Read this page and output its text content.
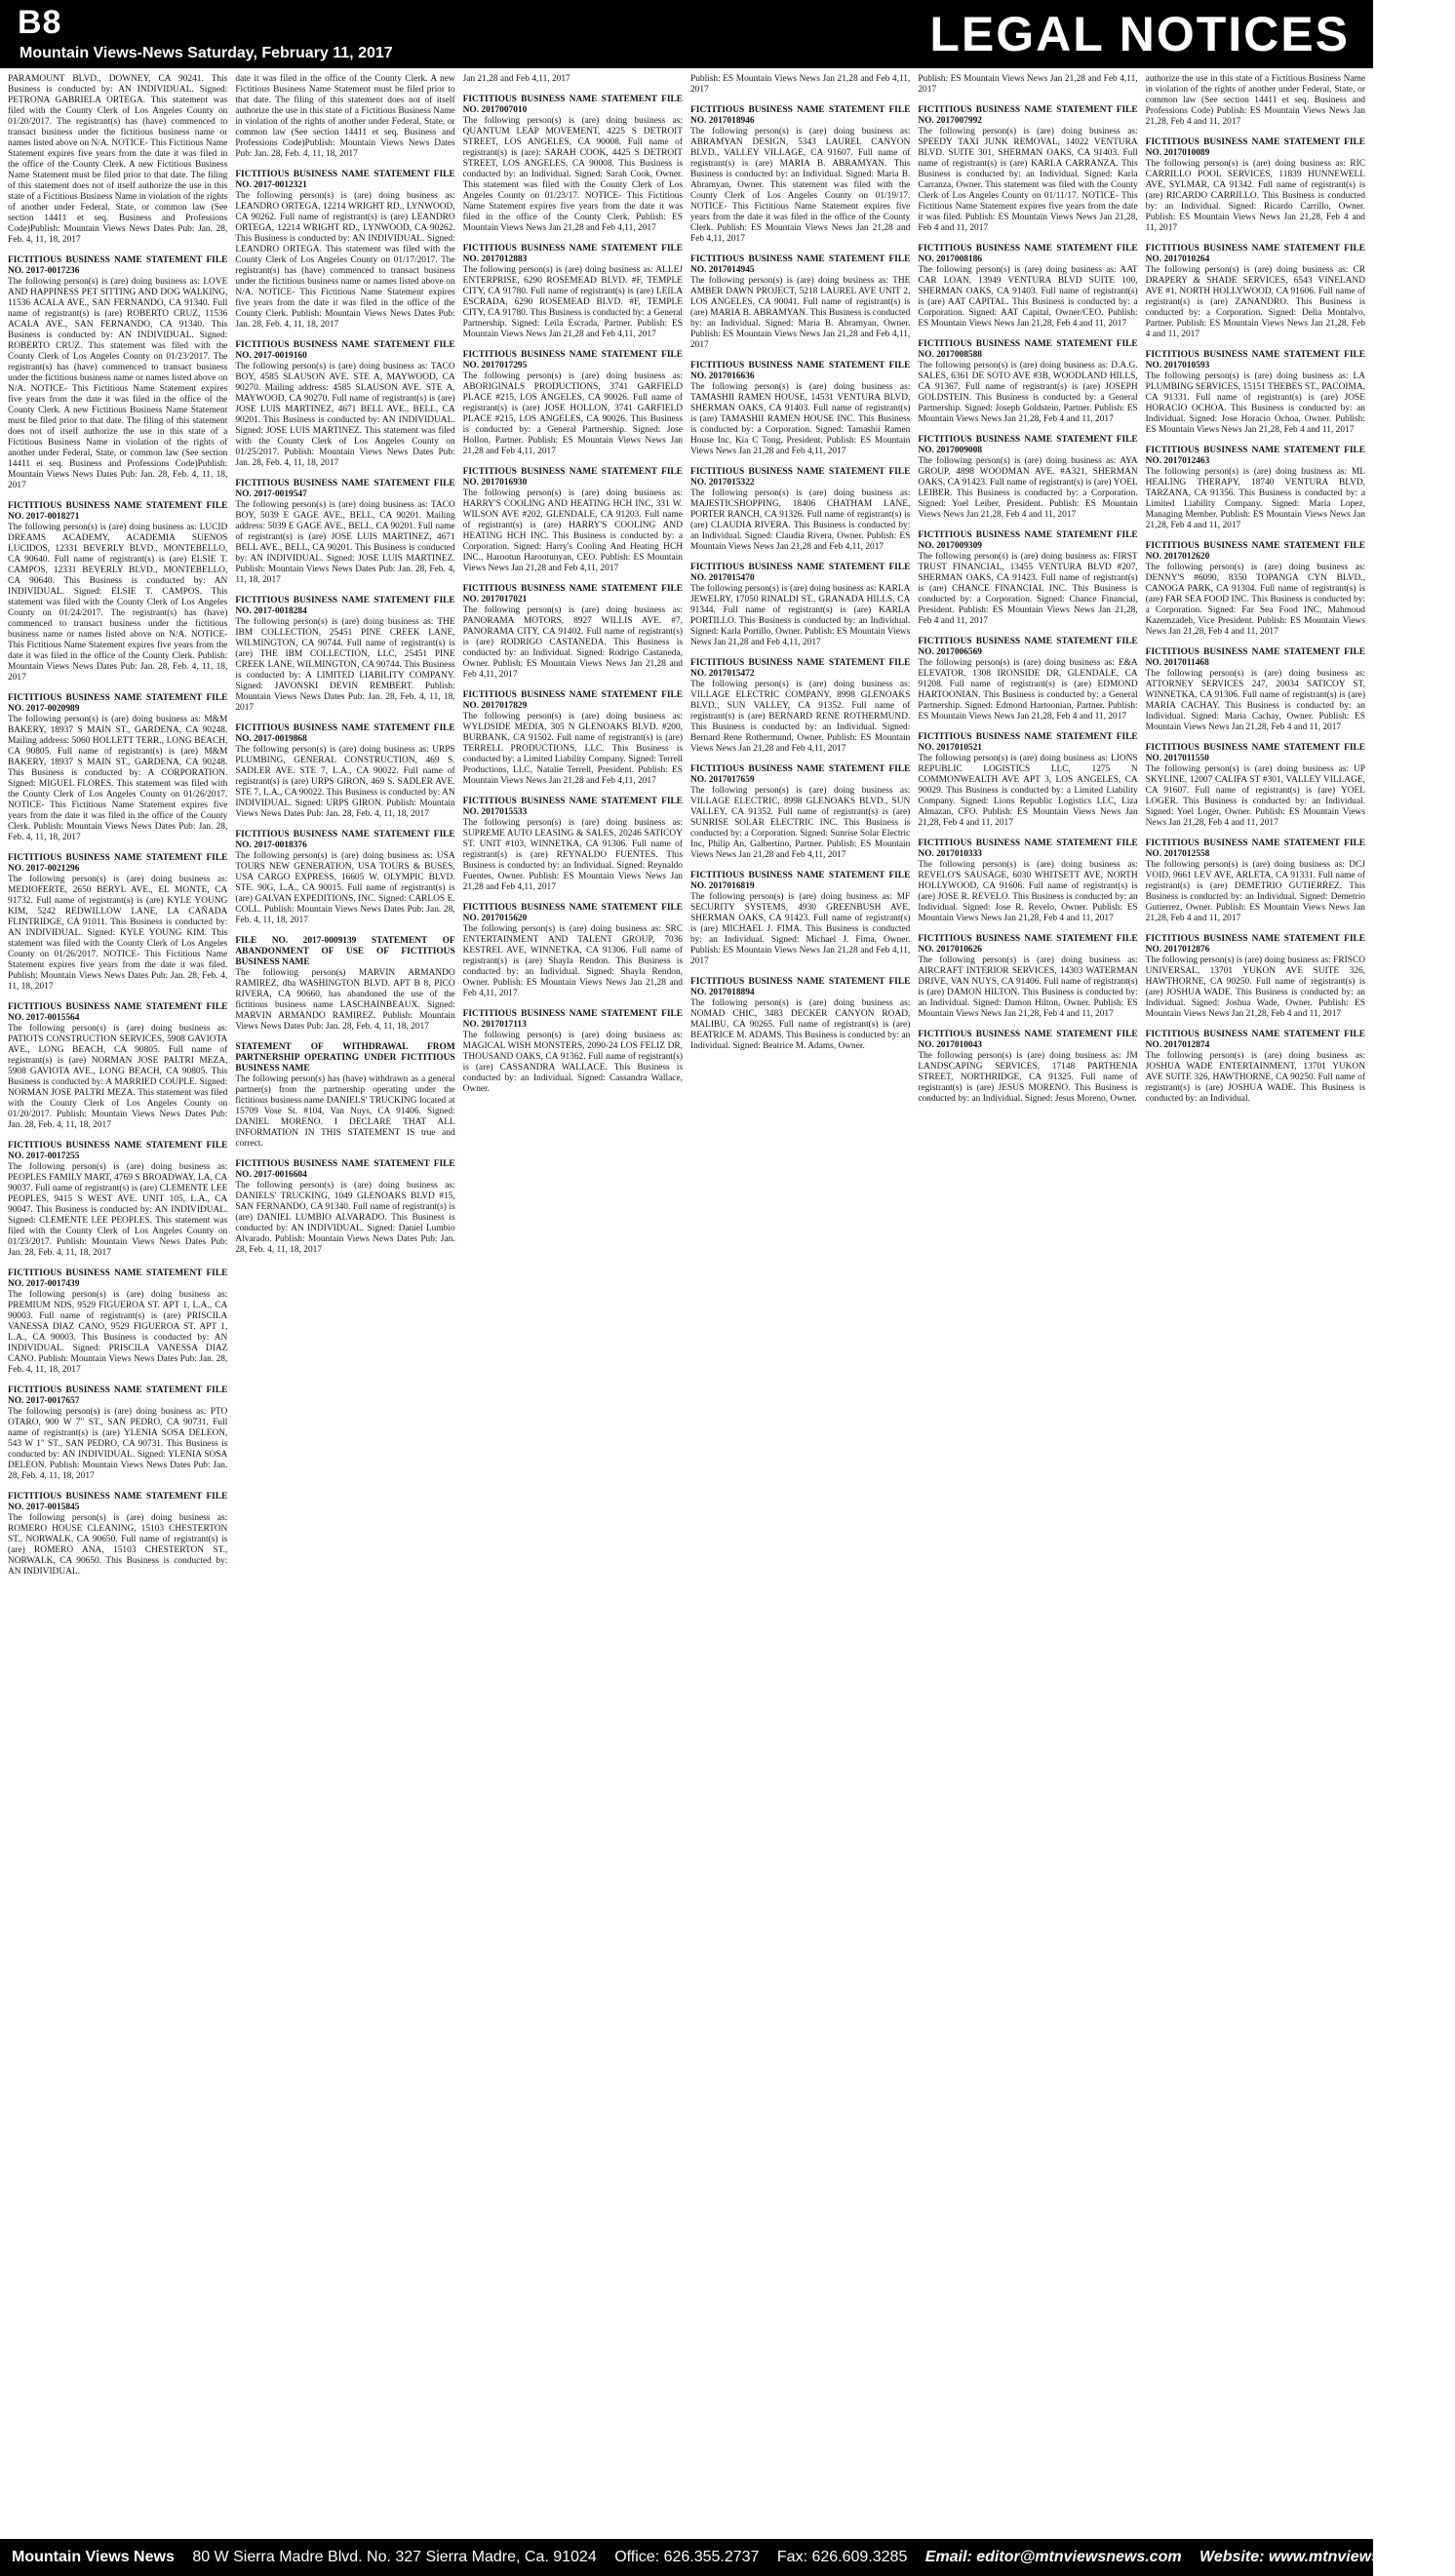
B8
Mountain Views-News Saturday, February 11, 2017	LEGAL NOTICES

PARAMOUNT BLVD., DOWNEY, CA 90241. This Business is conducted by: AN INDIVIDUAL. Signed: PETRONA GABRIELA ORTEGA. This statement was filed with the County Clerk of Los Angeles County on 01/20/2017. The registrant(s) has (have) commenced to transact business under the fictitious business name or names listed above on N/A. NOTICE- This Fictitious Name Statement expires five years from the date it was filed in the office of the County Clerk. A new Fictitious Business Name Statement must be filed prior to that date. The filing of this statement does not of itself authorize the use in this state of a Fictitious Business Name in violation of the rights of another under Federal, State, or common law (See section 14411 et seq. Business and Professions Code)Publish: Mountain Views News Dates Pub: Jan. 28, Feb. 4, 11, 18, 2017

FICTITIOUS BUSINESS NAME STATEMENT FILE NO. 2017-0017236

The following person(s) is (are) doing business as: LOVE AND HAPPINESS PET SITTING AND DOG WALKING, 11536 ACALA AVE., SAN FERNANDO, CA 91340. Full name of registrant(s) is (are) ROBERTO CRUZ, 11536 ACALA AVE., SAN FERNANDO, CA 91340. This Business is conducted by: AN INDIVIDUAL. Signed: ROBERTO CRUZ. This statement was filed with the County Clerk of Los Angeles County on 01/23/2017. The registrant(s) has (have) commenced to transact business under the fictitious business name or names listed above on N/A. NOTICE- This Fictitious Name Statement expires five years from the date it was filed in the office of the County Clerk. A new Fictitious Business Name Statement must be filed prior to that date. The filing of this statement does not of itself authorize the use in this state of a Fictitious Business Name in violation of the rights of another under Federal, State, or common law (See section 14411 et seq. Business and Professions Code)Publish: Mountain Views News Dates Pub: Jan. 28, Feb. 4, 11, 18, 2017

FICTITIOUS BUSINESS NAME STATEMENT FILE NO. 2017-0018271

The following person(s) is (are) doing business as: LUCID DREAMS ACADEMY, ACADEMIA SUENOS LUCIDOS, 12331 BEVERLY BLVD., MONTEBELLO, CA 90640. Full name of registrant(s) is (are) ELSIE T. CAMPOS, 12331 BEVERLY BLVD., MONTEBELLO, CA 90640. This Business is conducted by: AN INDIVIDUAL. Signed: ELSIE T. CAMPOS. This statement was filed with the County Clerk of Los Angeles County on 01/24/2017. The registrant(s) has (have) commenced to transact business under the fictitious business name or names listed above on N/A. NOTICE- This Fictitious Name Statement expires five years from the date it was filed in the office of the County Clerk. Publish: Mountain Views News Dates Pub: Jan. 28, Feb. 4, 11, 18, 2017

FICTITIOUS BUSINESS NAME STATEMENT FILE NO. 2017-0020989

The following person(s) is (are) doing business as: M&M BAKERY, 18937 S MAIN ST., GARDENA, CA 90248. Mailing address: 5060 HOLLETT TERR., LONG BEACH, CA 90805. Full name of registrant(s) is (are) M&M BAKERY, 18937 S MAIN ST., GARDENA, CA 90248. This Business is conducted by: A CORPORATION. Signed: MIGUEL FLORES. This statement was filed with the County Clerk of Los Angeles County on 01/26/2017. NOTICE- This Fictitious Name Statement expires five years from the date it was filed in the office of the County Clerk. Publish: Mountain Views News Dates Pub: Jan. 28, Feb. 4, 11, 18, 2017

FICTITIOUS BUSINESS NAME STATEMENT FILE NO. 2017-0021296

The following person(s) is (are) doing business as: MEDIOFERTE, 2650 BERYL AVE., EL MONTE, CA 91732. Full name of registrant(s) is (are) KYLE YOUNG KIM, 5242 REDWILLOW LANE, LA CAÑADA FLINTRIDGE, CA 91011. This Business is conducted by: AN INDIVIDUAL. Signed: KYLE YOUNG KIM. This statement was filed with the County Clerk of Los Angeles County on 01/26/2017. NOTICE- This Fictitious Name Statement expires five years from the date it was filed. Publish: Mountain Views News Dates Pub: Jan. 28, Feb. 4, 11, 18, 2017

FICTITIOUS BUSINESS NAME STATEMENT FILE NO. 2017-0015564

The following person(s) is (are) doing business as: PATIOTS CONSTRUCTION SERVICES, 5908 GAVIOTA AVE., LONG BEACH, CA 90805. Full name of registrant(s) is (are) NORMAN JOSE PALTRI MEZA, 5908 GAVIOTA AVE., LONG BEACH, CA 90805. This Business is conducted by: A MARRIED COUPLE. Signed: NORMAN JOSE PALTRI MEZA. This statement was filed with the County Clerk of Los Angeles County on 01/20/2017. Publish: Mountain Views News Dates Pub: Jan. 28, Feb. 4, 11, 18, 2017

FICTITIOUS BUSINESS NAME STATEMENT FILE NO. 2017-0017255

The following person(s) is (are) doing business as: PEOPLES FAMILY MART, 4769 S BROADWAY, LA, CA 90037. Full name of registrant(s) is (are) CLEMENTE LEE PEOPLES, 9415 S WEST AVE. UNIT 105, L.A., CA 90047. This Business is conducted by: AN INDIVIDUAL. Signed: CLEMENTE LEE PEOPLES. This statement was filed with the County Clerk of Los Angeles County on 01/23/2017. Publish: Mountain Views News Dates Pub: Jan. 28, Feb. 4, 11, 18, 2017

FICTITIOUS BUSINESS NAME STATEMENT FILE NO. 2017-0017439

The following person(s) is (are) doing business as: PREMIUM NDS, 9529 FIGUEROA ST. APT 1, L.A., CA 90003. Full name of registrant(s) is (are) PRISCILA VANESSA DIAZ CANO, 9529 FIGUEROA ST. APT 1, L.A., CA 90003. This Business is conducted by: AN INDIVIDUAL. Signed: PRISCILA VANESSA DIAZ CANO. Publish: Mountain Views News Dates Pub: Jan. 28, Feb. 4, 11, 18, 2017

FICTITIOUS BUSINESS NAME STATEMENT FILE NO. 2017-0017657

The following person(s) is (are) doing business as: PTO OTARO, 900 W 7" ST., SAN PEDRO, CA 90731. Full name of registrant(s) is (are) YLENIA SOSA DELEON, 543 W 1" ST., SAN PEDRO, CA 90731. This Business is conducted by: AN INDIVIDUAL. Signed: YLENIA SOSA DELEON. Publish: Mountain Views News Dates Pub: Jan. 28, Feb. 4, 11, 18, 2017

FICTITIOUS BUSINESS NAME STATEMENT FILE NO. 2017-0015845

The following person(s) is (are) doing business as: ROMERO HOUSE CLEANING, 15103 CHESTERTON ST., NORWALK, CA 90650. Full name of registrant(s) is (are) ROMERO ANA, 15103 CHESTERTON ST., NORWALK, CA 90650. This Business is conducted by: AN INDIVIDUAL.

date it was filed in the office of the County Clerk. A new Fictitious Business Name Statement must be filed prior to that date. The filing of this statement does not of itself authorize the use in this state of a Fictitious Business Name in violation of the rights of another under Federal, State, or common law (See section 14411 et seq. Business and Professions Code)Publish: Mountain Views News Dates Pub: Jan. 28, Feb. 4, 11, 18, 2017

FICTITIOUS BUSINESS NAME STATEMENT FILE NO. 2017-0012321

The following person(s) is (are) doing business as: LEANDRO ORTEGA, 12214 WRIGHT RD., LYNWOOD, CA 90262. Full name of registrant(s) is (are) LEANDRO ORTEGA, 12214 WRIGHT RD., LYNWOOD, CA 90262. This Business is conducted by: AN INDIVIDUAL. Signed: LEANDRO ORTEGA. This statement was filed with the County Clerk of Los Angeles County on 01/17/2017. The registrant(s) has (have) commenced to transact business under the fictitious business name or names listed above on N/A. NOTICE- This Fictitious Name Statement expires five years from the date it was filed in the office of the County Clerk. Publish: Mountain Views News Dates Pub: Jan. 28, Feb. 4, 11, 18, 2017

FICTITIOUS BUSINESS NAME STATEMENT FILE NO. 2017-0019160

The following person(s) is (are) doing business as: TACO BOY, 4585 SLAUSON AVE. STE A, MAYWOOD, CA 90270. Mailing address: 4585 SLAUSON AVE. STE A, MAYWOOD, CA 90270. Full name of registrant(s) is (are) JOSE LUIS MARTINEZ, 4671 BELL AVE., BELL, CA 90201. This Business is conducted by: AN INDIVIDUAL. Signed: JOSE LUIS MARTINEZ. This statement was filed with the County Clerk of Los Angeles County on 01/25/2017. Publish: Mountain Views News Dates Pub: Jan. 28, Feb. 4, 11, 18, 2017

FICTITIOUS BUSINESS NAME STATEMENT FILE NO. 2017-0019547

The following person(s) is (are) doing business as: TACO BOY, 5039 E GAGE AVE., BELL, CA 90201. Mailing address: 5039 E GAGE AVE., BELL, CA 90201. Full name of registrant(s) is (are) JOSE LUIS MARTINEZ, 4671 BELL AVE., BELL, CA 90201. This Business is conducted by: AN INDIVIDUAL. Signed: JOSE LUIS MARTINEZ. Publish: Mountain Views News Dates Pub: Jan. 28, Feb. 4, 11, 18, 2017

FICTITIOUS BUSINESS NAME STATEMENT FILE NO. 2017-0018284

The following person(s) is (are) doing business as: THE IBM COLLECTION, 25451 PINE CREEK LANE, WILMINGTON, CA 90744. Full name of registrant(s) is (are) THE IBM COLLECTION, LLC, 25451 PINE CREEK LANE, WILMINGTON, CA 90744. This Business is conducted by: A LIMITED LIABILITY COMPANY. Signed: JAVONSKI DEVIN REMBERT. Publish: Mountain Views News Dates Pub: Jan. 28, Feb. 4, 11, 18, 2017

FICTITIOUS BUSINESS NAME STATEMENT FILE NO. 2017-0019868

The following person(s) is (are) doing business as: URPS PLUMBING, GENERAL CONSTRUCTION, 469 S. SADLER AVE. STE 7, L.A., CA 90022. Full name of registrant(s) is (are) URPS GIRON, 469 S. SADLER AVE. STE 7, L.A., CA 90022. This Business is conducted by: AN INDIVIDUAL. Signed: URPS GIRON. Publish: Mountain Views News Dates Pub: Jan. 28, Feb. 4, 11, 18, 2017

FICTITIOUS BUSINESS NAME STATEMENT FILE NO. 2017-0018376

The following person(s) is (are) doing business as: USA TOURS NEW GENERATION, USA TOURS & BUSES, USA CARGO EXPRESS, 16605 W. OLYMPIC BLVD. STE. 90G, L.A., CA 90015. Full name of registrant(s) is (are) GALVAN EXPEDITIONS, INC. Signed: CARLOS E. COLL. Publish: Mountain Views News Dates Pub: Jan. 28, Feb. 4, 11, 18, 2017

FILE NO. 2017-0009139 STATEMENT OF ABANDONMENT OF USE OF FICTITIOUS BUSINESS NAME

The following person(s) MARVIN ARMANDO RAMIREZ, dba WASHINGTON BLVD. APT B 8, PICO RIVERA, CA 90660, has abandoned the use of the fictitious business name LASCHAINBEAUX. Signed: MARVIN ARMANDO RAMIREZ. Publish: Mountain Views News Dates Pub: Jan. 28, Feb. 4, 11, 18, 2017

STATEMENT OF WITHDRAWAL FROM PARTNERSHIP OPERATING UNDER FICTITIOUS BUSINESS NAME

The following person(s) has (have) withdrawn as a general partner(s) from the partnership operating under the fictitious business name DANIELS' TRUCKING located at 15709 Vose St. #104, Van Nuys, CA 91406. Signed: DANIEL MORENO. I DECLARE THAT ALL INFORMATION IN THIS STATEMENT IS true and correct.

FICTITIOUS BUSINESS NAME STATEMENT FILE NO. 2017-0016604

The following person(s) is (are) doing business as: DANIELS' TRUCKING, 1049 GLENOAKS BLVD #15, SAN FERNANDO, CA 91340. Full name of registrant(s) is (are) DANIEL LUMBIO ALVARADO. This Business is conducted by: AN INDIVIDUAL. Signed: Daniel Lumbio Alvarado. Publish: Mountain Views News Dates Pub: Jan. 28, Feb. 4, 11, 18, 2017

Jan 21,28 and Feb 4,11, 2017

FICTITIOUS BUSINESS NAME STATEMENT FILE NO. 2017007010

The following person(s) is (are) doing business as: QUANTUM LEAP MOVEMENT, 4225 S DETROIT STREET, LOS ANGELES, CA 90008. Full name of registrant(s) is (are): SARAH COOK, 4425 S DETROIT STREET, LOS ANGELES, CA 90008. This Business is conducted by: an Individual. Signed: Sarah Cook, Owner. This statement was filed with the County Clerk of Los Angeles County on 01/23/17. NOTICE- This Fictitious Name Statement expires five years from the date it was filed in the office of the County Clerk. Publish: ES Mountain Views News Jan 21,28 and Feb 4,11, 2017

FICTITIOUS BUSINESS NAME STATEMENT FILE NO. 2017012883

The following person(s) is (are) doing business as: ALLEJ ENTERPRISE, 6290 ROSEMEAD BLVD. #F, TEMPLE CITY, CA 91780. Full name of registrant(s) is (are) LEILA ESCRADA, 6290 ROSEMEAD BLVD. #F, TEMPLE CITY, CA 91780. This Business is conducted by: a General Partnership. Signed: Leila Escrada, Partner. Publish: ES Mountain Views News Jan 21,28 and Feb 4,11, 2017

FICTITIOUS BUSINESS NAME STATEMENT FILE NO. 2017017295

The following person(s) is (are) doing business as: ABORIGINALS PRODUCTIONS, 3741 GARFIELD PLACE #215, LOS ANGELES, CA 90026. Full name of registrant(s) is (are) JOSE HOLLON, 3741 GARFIELD PLACE #215, LOS ANGELES, CA 90026. This Business is conducted by: a General Partnership. Signed: Jose Hollon, Partner. Publish: ES Mountain Views News Jan 21,28 and Feb 4,11, 2017

FICTITIOUS BUSINESS NAME STATEMENT FILE NO. 2017016930

The following person(s) is (are) doing business as: HARRY'S COOLING AND HEATING HCH INC, 331 W. WILSON AVE #202, GLENDALE, CA 91203. Full name of registrant(s) is (are) HARRY'S COOLING AND HEATING HCH INC. This Business is conducted by: a Corporation. Signed: Harry's Cooling And Heating HCH INC., Harootun Harootunyan, CEO. Publish: ES Mountain Views News Jan 21,28 and Feb 4,11, 2017

FICTITIOUS BUSINESS NAME STATEMENT FILE NO. 2017017021

The following person(s) is (are) doing business as: PANORAMA MOTORS, 8927 WILLIS AVE. #7, PANORAMA CITY, CA 91402. Full name of registrant(s) is (are) RODRIGO CASTANEDA. This Business is conducted by: an Individual. Signed: Rodrigo Castaneda, Owner. Publish: ES Mountain Views News Jan 21,28 and Feb 4,11, 2017

FICTITIOUS BUSINESS NAME STATEMENT FILE NO. 2017017829

The following person(s) is (are) doing business as: WYLDSIDE MEDIA, 305 N GLENOAKS BLVD. #200, BURBANK, CA 91502. Full name of registrant(s) is (are) TERRELL PRODUCTIONS, LLC. This Business is conducted by: a Limited Liability Company. Signed: Terrell Productions, LLC, Natalie Terrell, President. Publish: ES Mountain Views News Jan 21,28 and Feb 4,11, 2017

FICTITIOUS BUSINESS NAME STATEMENT FILE NO. 2017015533

The following person(s) is (are) doing business as: SUPREME AUTO LEASING & SALES, 20246 SATICOY ST. UNIT #103, WINNETKA, CA 91306. Full name of registrant(s) is (are) REYNALDO FUENTES. This Business is conducted by: an Individual. Signed: Reynaldo Fuentes, Owner. Publish: ES Mountain Views News Jan 21,28 and Feb 4,11, 2017

FICTITIOUS BUSINESS NAME STATEMENT FILE NO. 2017015620

The following person(s) is (are) doing business as: SRC ENTERTAINMENT AND TALENT GROUP, 7036 KESTREL AVE, WINNETKA, CA 91306. Full name of registrant(s) is (are) Shayla Rendon. This Business is conducted by: an Individual. Signed: Shayla Rendon, Owner. Publish: ES Mountain Views News Jan 21,28 and Feb 4,11, 2017

FICTITIOUS BUSINESS NAME STATEMENT FILE NO. 2017017113

The following person(s) is (are) doing business as: MAGICAL WISH MONSTERS, 2090-24 LOS FELIZ DR, THOUSAND OAKS, CA 91362. Full name of registrant(s) is (are) CASSANDRA WALLACE. This Business is conducted by: an Individual. Signed: Cassandra Wallace, Owner.

Publish: ES Mountain Views News Jan 21,28 and Feb 4,11, 2017

FICTITIOUS BUSINESS NAME STATEMENT FILE NO. 2017018946

The following person(s) is (are) doing business as: ABRAMYAN DESIGN, 5343 LAUREL CANYON BLVD., VALLEY VILLAGE, CA 91607. Full name of registrant(s) is (are) MARIA B. ABRAMYAN. This Business is conducted by: an Individual. Signed: Maria B. Abramyan, Owner. This statement was filed with the County Clerk of Los Angeles County on 01/19/17. NOTICE- This Fictitious Name Statement expires five years from the date it was filed in the office of the County Clerk. Publish: ES Mountain Views News Jan 21,28 and Feb 4,11, 2017

FICTITIOUS BUSINESS NAME STATEMENT FILE NO. 2017014945

The following person(s) is (are) doing business as: THE AMBER DAWN PROJECT, 5218 LAUREL AVE UNIT 2, LOS ANGELES, CA 90041. Full name of registrant(s) is (are) MARIA B. ABRAMYAN. This Business is conducted by: an Individual. Signed: Maria B. Abramyan, Owner. Publish: ES Mountain Views News Jan 21,28 and Feb 4,11, 2017

FICTITIOUS BUSINESS NAME STATEMENT FILE NO. 2017016636

The following person(s) is (are) doing business as: TAMASHII RAMEN HOUSE, 14531 VENTURA BLVD, SHERMAN OAKS, CA 91403. Full name of registrant(s) is (are) TAMASHII RAMEN HOUSE INC. This Business is conducted by: a Corporation. Signed: Tamashii Ramen House Inc, Kia C Tong, President. Publish: ES Mountain Views News Jan 21,28 and Feb 4,11, 2017

FICTITIOUS BUSINESS NAME STATEMENT FILE NO. 2017015322

The following person(s) is (are) doing business as: MAJESTICSHOPPING, 18406 CHATHAM LANE, PORTER RANCH, CA 91326. Full name of registrant(s) is (are) CLAUDIA RIVERA. This Business is conducted by: an Individual. Signed: Claudia Rivera, Owner. Publish: ES Mountain Views News Jan 21,28 and Feb 4,11, 2017

FICTITIOUS BUSINESS NAME STATEMENT FILE NO. 2017015470

The following person(s) is (are) doing business as: KARLA JEWELRY, 17050 RINALDI ST., GRANADA HILLS, CA 91344. Full name of registrant(s) is (are) KARLA PORTILLO. This Business is conducted by: an Individual. Signed: Karla Portillo, Owner. Publish: ES Mountain Views News Jan 21,28 and Feb 4,11, 2017

FICTITIOUS BUSINESS NAME STATEMENT FILE NO. 2017015472

The following person(s) is (are) doing business as: VILLAGE ELECTRIC COMPANY, 8998 GLENOAKS BLVD., SUN VALLEY, CA 91352. Full name of registrant(s) is (are) BERNARD RENE ROTHERMUND. This Business is conducted by: an Individual. Signed: Bernard Rene Rothermund, Owner. Publish: ES Mountain Views News Jan 21,28 and Feb 4,11, 2017

FICTITIOUS BUSINESS NAME STATEMENT FILE NO. 2017017659

The following person(s) is (are) doing business as: VILLAGE ELECTRIC, 8998 GLENOAKS BLVD., SUN VALLEY, CA 91352. Full name of registrant(s) is (are) SUNRISE SOLAR ELECTRIC INC. This Business is conducted by: a Corporation. Signed: Sunrise Solar Electric Inc, Philip An, Galbertino, Partner. Publish: ES Mountain Views News Jan 21,28 and Feb 4,11, 2017

FICTITIOUS BUSINESS NAME STATEMENT FILE NO. 2017016819

The following person(s) is (are) doing business as: MF SECURITY SYSTEMS, 4930 GREENBUSH AVE, SHERMAN OAKS, CA 91423. Full name of registrant(s) is (are) MICHAEL J. FIMA. This Business is conducted by: an Individual. Signed: Michael J. Fima, Owner. Publish: ES Mountain Views News Jan 21,28 and Feb 4,11, 2017

FICTITIOUS BUSINESS NAME STATEMENT FILE NO. 2017018894

The following person(s) is (are) doing business as: NOMAD CHIC, 3483 DECKER CANYON ROAD, MALIBU, CA 90265. Full name of registrant(s) is (are) BEATRICE M. ADAMS. This Business is conducted by: an Individual. Signed: Beatrice M. Adams, Owner.

Publish: ES Mountain Views News Jan 21,28 and Feb 4,11, 2017

FICTITIOUS BUSINESS NAME STATEMENT FILE NO. 2017007992

The following person(s) is (are) doing business as: SPEEDY TAXI JUNK REMOVAL, 14022 VENTURA BLVD. SUITE 301, SHERMAN OAKS, CA 91403. Full name of registrant(s) is (are) KARLA CARRANZA. This Business is conducted by: an Individual. Signed: Karla Carranza, Owner. This statement was filed with the County Clerk of Los Angeles County on 01/11/17. NOTICE- This Fictitious Name Statement expires five years from the date it was filed. Publish: ES Mountain Views News Jan 21,28, Feb 4 and 11, 2017

FICTITIOUS BUSINESS NAME STATEMENT FILE NO. 2017008186

The following person(s) is (are) doing business as: AAT CAR LOAN, 13949 VENTURA BLVD SUITE 100, SHERMAN OAKS, CA 91403. Full name of registrant(s) is (are) AAT CAPITAL. This Business is conducted by: a Corporation. Signed: AAT Capital, Owner/CEO. Publish: ES Mountain Views News Jan 21,28, Feb 4 and 11, 2017

FICTITIOUS BUSINESS NAME STATEMENT FILE NO. 2017008588

The following person(s) is (are) doing business as: D.A.G. SALES, 6361 DE SOTO AVE #3B, WOODLAND HILLS, CA 91367. Full name of registrant(s) is (are) JOSEPH GOLDSTEIN. This Business is conducted by: a General Partnership. Signed: Joseph Goldstein, Partner. Publish: ES Mountain Views News Jan 21,28, Feb 4 and 11, 2017

FICTITIOUS BUSINESS NAME STATEMENT FILE NO. 2017009008

The following person(s) is (are) doing business as: AYA GROUP, 4898 WOODMAN AVE. #A321, SHERMAN OAKS, CA 91423. Full name of registrant(s) is (are) YOEL LEIBER. This Business is conducted by: a Corporation. Signed: Yoel Leiber, President. Publish: ES Mountain Views News Jan 21,28, Feb 4 and 11, 2017

FICTITIOUS BUSINESS NAME STATEMENT FILE NO. 2017009309

The following person(s) is (are) doing business as: FIRST TRUST FINANCIAL, 13455 VENTURA BLVD #207, SHERMAN OAKS, CA 91423. Full name of registrant(s) is (are) CHANCE FINANCIAL INC. This Business is conducted by: a Corporation. Signed: Chance Financial, President. Publish: ES Mountain Views News Jan 21,28, Feb 4 and 11, 2017

FICTITIOUS BUSINESS NAME STATEMENT FILE NO. 2017006569

The following person(s) is (are) doing business as: E&A ELEVATOR, 1308 IRONSIDE DR, GLENDALE, CA 91208. Full name of registrant(s) is (are) EDMOND HARTOONIAN. This Business is conducted by: a General Partnership. Signed: Edmond Hartoonian, Partner. Publish: ES Mountain Views News Jan 21,28, Feb 4 and 11, 2017

FICTITIOUS BUSINESS NAME STATEMENT FILE NO. 2017010521

The following person(s) is (are) doing business as: LIONS REPUBLIC LOGISTICS LLC, 1275 N COMMONWEALTH AVE APT 3, LOS ANGELES, CA 90029. This Business is conducted by: a Limited Liability Company. Signed: Lions Republic Logistics LLC, Liza Almazan, CFO. Publish: ES Mountain Views News Jan 21,28, Feb 4 and 11, 2017

FICTITIOUS BUSINESS NAME STATEMENT FILE NO. 2017010333

The following person(s) is (are) doing business as: REVELO'S SAUSAGE, 6030 WHITSETT AVE, NORTH HOLLYWOOD, CA 91606. Full name of registrant(s) is (are) JOSE R. REVELO. This Business is conducted by: an Individual. Signed: Jose R. Revelo, Owner. Publish: ES Mountain Views News Jan 21,28, Feb 4 and 11, 2017

FICTITIOUS BUSINESS NAME STATEMENT FILE NO. 2017010626

The following person(s) is (are) doing business as: AIRCRAFT INTERIOR SERVICES, 14303 WATERMAN DRIVE, VAN NUYS, CA 91406. Full name of registrant(s) is (are) DAMON HILTON. This Business is conducted by: an Individual. Signed: Damon Hilton, Owner. Publish: ES Mountain Views News Jan 21,28, Feb 4 and 11, 2017

FICTITIOUS BUSINESS NAME STATEMENT FILE NO. 2017010043

The following person(s) is (are) doing business as: JM LANDSCAPING SERVICES, 17148 PARTHENIA STREET, NORTHRIDGE, CA 91325. Full name of registrant(s) is (are) JESUS MORENO. This Business is conducted by: an Individual. Signed: Jesus Moreno, Owner.

authorize the use in this state of a Fictitious Business Name in violation of the rights of another under Federal, State, or common law (See section 14411 et seq. Business and Professions Code) Publish: ES Mountain Views News Jan 21,28, Feb 4 and 11, 2017

FICTITIOUS BUSINESS NAME STATEMENT FILE NO. 2017010089

The following person(s) is (are) doing business as: RIC CARRILLO POOL SERVICES, 11839 HUNNEWELL AVE, SYLMAR, CA 91342. Full name of registrant(s) is (are) RICARDO CARRILLO. This Business is conducted by: an Individual. Signed: Ricardo Carrillo, Owner. Publish: ES Mountain Views News Jan 21,28, Feb 4 and 11, 2017

FICTITIOUS BUSINESS NAME STATEMENT FILE NO. 2017010264

The following person(s) is (are) doing business as: CR DRAPERY & SHADE SERVICES, 6543 VINELAND AVE #1, NORTH HOLLYWOOD, CA 91606. Full name of registrant(s) is (are) ZANANDRO. This Business is conducted by: a Corporation. Signed: Delia Montalvo, Partner. Publish: ES Mountain Views News Jan 21,28, Feb 4 and 11, 2017

FICTITIOUS BUSINESS NAME STATEMENT FILE NO. 2017010593

The following person(s) is (are) doing business as: LA PLUMBING SERVICES, 15151 THEBES ST., PACOIMA, CA 91331. Full name of registrant(s) is (are) JOSE HORACIO OCHOA. This Business is conducted by: an Individual. Signed: Jose Horacio Ochoa, Owner. Publish: ES Mountain Views News Jan 21,28, Feb 4 and 11, 2017

FICTITIOUS BUSINESS NAME STATEMENT FILE NO. 2017012463

The following person(s) is (are) doing business as: ML HEALING THERAPY, 18740 VENTURA BLVD, TARZANA, CA 91356. This Business is conducted by: a Limited Liability Company. Signed: Maria Lopez, Managing Member. Publish: ES Mountain Views News Jan 21,28, Feb 4 and 11, 2017

FICTITIOUS BUSINESS NAME STATEMENT FILE NO. 2017012620

The following person(s) is (are) doing business as: DENNY'S #6090, 8350 TOPANGA CYN BLVD., CANOGA PARK, CA 91304. Full name of registrant(s) is (are) FAR SEA FOOD INC. This Business is conducted by: a Corporation. Signed: Far Sea Food INC, Mahmoud Kazemzadeh, Vice President. Publish: ES Mountain Views News Jan 21,28, Feb 4 and 11, 2017

FICTITIOUS BUSINESS NAME STATEMENT FILE NO. 2017011468

The following person(s) is (are) doing business as: ATTORNEY SERVICES 247, 20034 SATICOY ST, WINNETKA, CA 91306. Full name of registrant(s) is (are) MARIA CACHAY. This Business is conducted by: an Individual. Signed: Maria Cachay, Owner. Publish: ES Mountain Views News Jan 21,28, Feb 4 and 11, 2017

FICTITIOUS BUSINESS NAME STATEMENT FILE NO. 2017011550

The following person(s) is (are) doing business as: UP SKYLINE, 12007 CALIFA ST #301, VALLEY VILLAGE, CA 91607. Full name of registrant(s) is (are) YOEL LOGER. This Business is conducted by: an Individual. Signed: Yoel Loger, Owner. Publish: ES Mountain Views News Jan 21,28, Feb 4 and 11, 2017

FICTITIOUS BUSINESS NAME STATEMENT FILE NO. 2017012558

The following person(s) is (are) doing business as: DCJ VOID, 9661 LEV AVE, ARLETA, CA 91331. Full name of registrant(s) is (are) DEMETRIO GUTIERREZ. This Business is conducted by: an Individual. Signed: Demetrio Gutierrez, Owner. Publish: ES Mountain Views News Jan 21,28, Feb 4 and 11, 2017

FICTITIOUS BUSINESS NAME STATEMENT FILE NO. 2017012876

The following person(s) is (are) doing business as: FRISCO UNIVERSAL, 13701 YUKON AVE SUITE 326, HAWTHORNE, CA 90250. Full name of registrant(s) is (are) JOSHUA WADE. This Business is conducted by: an Individual. Signed: Joshua Wade, Owner. Publish: ES Mountain Views News Jan 21,28, Feb 4 and 11, 2017

FICTITIOUS BUSINESS NAME STATEMENT FILE NO. 2017012874

The following person(s) is (are) doing business as: JOSHUA WADE ENTERTAINMENT, 13701 YUKON AVE SUITE 326, HAWTHORNE, CA 90250. Full name of registrant(s) is (are) JOSHUA WADE. This Business is conducted by: an Individual.

Mountain Views News 80 W Sierra Madre Blvd. No. 327 Sierra Madre, Ca. 91024 Office: 626.355.2737 Fax: 626.609.3285 Email: editor@mtnviewsnews.com Website: www.mtnviewsnews.com
